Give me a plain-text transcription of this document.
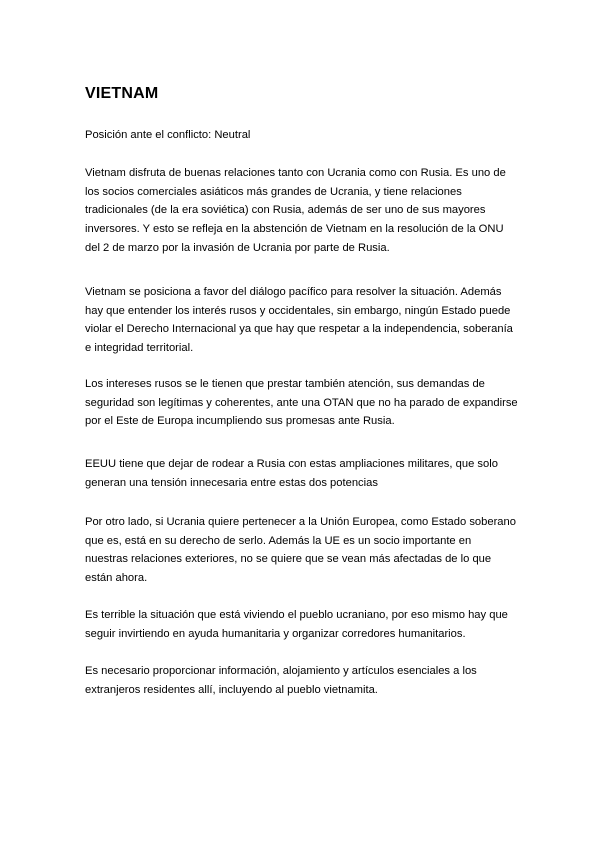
VIETNAM

Posición ante el conflicto: Neutral

Vietnam disfruta de buenas relaciones tanto con Ucrania como con Rusia. Es uno de
los socios comerciales asiáticos más grandes de Ucrania, y tiene relaciones
tradicionales (de la era soviética) con Rusia, además de ser uno de sus mayores
inversores. Y esto se refleja en la abstención de Vietnam en la resolución de la ONU
del 2 de marzo por la invasión de Ucrania por parte de Rusia.

Vietnam se posiciona a favor del diálogo pacífico para resolver la situación. Además
hay que entender los interés rusos y occidentales, sin embargo, ningún Estado puede
violar el Derecho Internacional ya que hay que respetar a la independencia, soberanía
e integridad territorial.

Los intereses rusos se le tienen que prestar también atención, sus demandas de
seguridad son legítimas y coherentes, ante una OTAN que no ha parado de expandirse
por el Este de Europa incumpliendo sus promesas ante Rusia.

EEUU tiene que dejar de rodear a Rusia con estas ampliaciones militares, que solo
generan una tensión innecesaria entre estas dos potencias

Por otro lado, si Ucrania quiere pertenecer a la Unión Europea, como Estado soberano
que es, está en su derecho de serlo. Además la UE es un socio importante en
nuestras relaciones exteriores, no se quiere que se vean más afectadas de lo que
están ahora.

Es terrible la situación que está viviendo el pueblo ucraniano, por eso mismo hay que
seguir invirtiendo en ayuda humanitaria y organizar corredores humanitarios.

Es necesario proporcionar información, alojamiento y artículos esenciales a los
extranjeros residentes allí, incluyendo al pueblo vietnamita.
